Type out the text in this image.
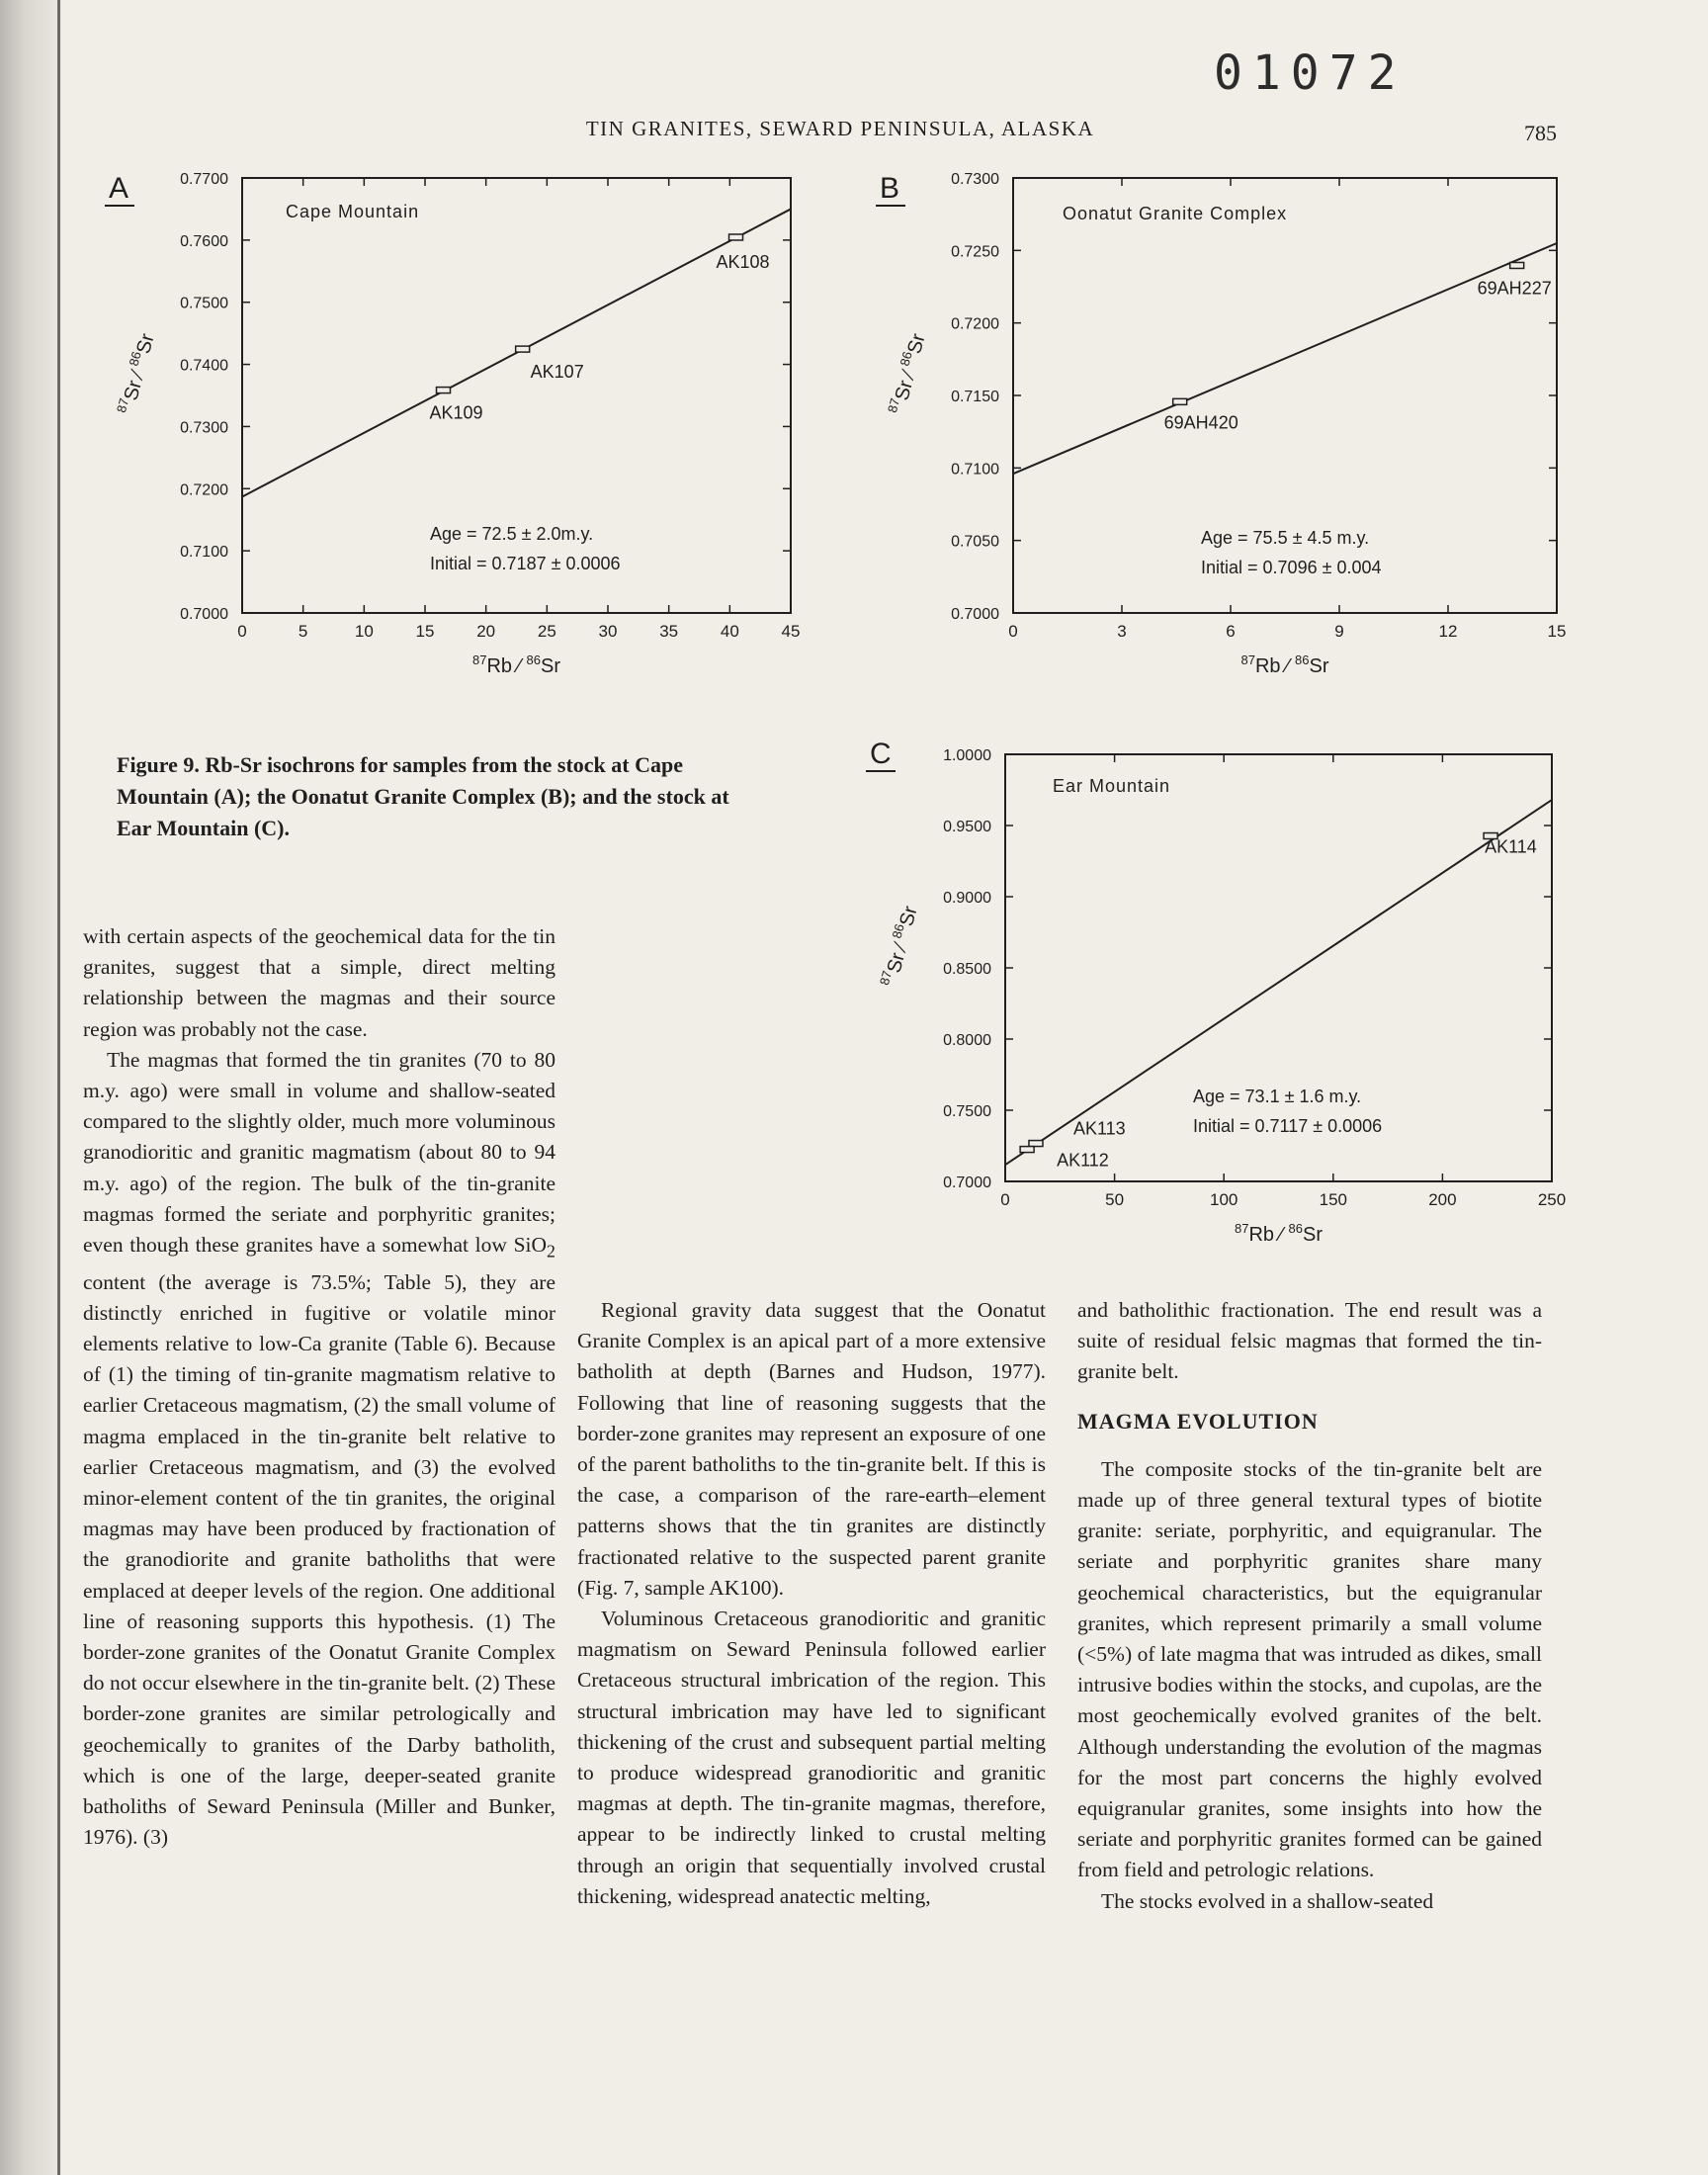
01072
TIN GRANITES, SEWARD PENINSULA, ALASKA	785
A
Cape Mountain
0	5	10	15	20	25	30	35	40	45
0.7000
0.7100
0.7200
0.7300
0.7400
0.7500
0.7600
0.7700
AK109
AK107
AK108
Age = 72.5 ± 2.0m.y.
Initial = 0.7187 ± 0.0006
$^{87}$Rb ⁄ $^{86}$Sr
$^{87}$Sr ⁄ $^{86}$Sr
B
Oonatut Granite Complex
0	3	6	9	12	15
0.7000
0.7050
0.7100
0.7150
0.7200
0.7250
0.7300
69AH420
69AH227
Age = 75.5 ± 4.5 m.y.
Initial = 0.7096 ± 0.004
$^{87}$Rb ⁄ $^{86}$Sr
$^{87}$Sr ⁄ $^{86}$Sr
C
Ear Mountain
0	50	100	150	200	250
0.7000
0.7500
0.8000
0.8500
0.9000
0.9500
1.0000
AK113
AK112
AK114
Age = 73.1 ± 1.6 m.y.
Initial = 0.7117 ± 0.0006
$^{87}$Rb ⁄ $^{86}$Sr
$^{87}$Sr ⁄ $^{86}$Sr
Figure 9. Rb-Sr isochrons for samples from the stock at Cape Mountain (A); the Oonatut Granite Complex (B); and the stock at Ear Mountain (C).

with certain aspects of the geochemical data for the tin granites, suggest that a simple, direct melting relationship between the magmas and their source region was probably not the case.

The magmas that formed the tin granites (70 to 80 m.y. ago) were small in volume and shallow-seated compared to the slightly older, much more voluminous granodioritic and granitic magmatism (about 80 to 94 m.y. ago) of the region. The bulk of the tin-granite magmas formed the seriate and porphyritic granites; even though these granites have a somewhat low SiO$_2$ content (the average is 73.5%; Table 5), they are distinctly enriched in fugitive or volatile minor elements relative to low-Ca granite (Table 6). Because of (1) the timing of tin-granite magmatism relative to earlier Cretaceous magmatism, (2) the small volume of magma emplaced in the tin-granite belt relative to earlier Cretaceous magmatism, and (3) the evolved minor-element content of the tin granites, the original magmas may have been produced by fractionation of the granodiorite and granite batholiths that were emplaced at deeper levels of the region. One additional line of reasoning supports this hypothesis. (1) The border-zone granites of the Oonatut Granite Complex do not occur elsewhere in the tin-granite belt. (2) These border-zone granites are similar petrologically and geochemically to granites of the Darby batholith, which is one of the large, deeper-seated granite batholiths of Seward Peninsula (Miller and Bunker, 1976). (3)

Regional gravity data suggest that the Oonatut Granite Complex is an apical part of a more extensive batholith at depth (Barnes and Hudson, 1977). Following that line of reasoning suggests that the border-zone granites may represent an exposure of one of the parent batholiths to the tin-granite belt. If this is the case, a comparison of the rare-earth–element patterns shows that the tin granites are distinctly fractionated relative to the suspected parent granite (Fig. 7, sample AK100).

Voluminous Cretaceous granodioritic and granitic magmatism on Seward Peninsula followed earlier Cretaceous structural imbrication of the region. This structural imbrication may have led to significant thickening of the crust and subsequent partial melting to produce widespread granodioritic and granitic magmas at depth. The tin-granite magmas, therefore, appear to be indirectly linked to crustal melting through an origin that sequentially involved crustal thickening, widespread anatectic melting,

and batholithic fractionation. The end result was a suite of residual felsic magmas that formed the tin-granite belt.

MAGMA EVOLUTION

The composite stocks of the tin-granite belt are made up of three general textural types of biotite granite: seriate, porphyritic, and equigranular. The seriate and porphyritic granites share many geochemical characteristics, but the equigranular granites, which represent primarily a small volume (<5%) of late magma that was intruded as dikes, small intrusive bodies within the stocks, and cupolas, are the most geochemically evolved granites of the belt. Although understanding the evolution of the magmas for the most part concerns the highly evolved equigranular granites, some insights into how the seriate and porphyritic granites formed can be gained from field and petrologic relations.

The stocks evolved in a shallow-seated
